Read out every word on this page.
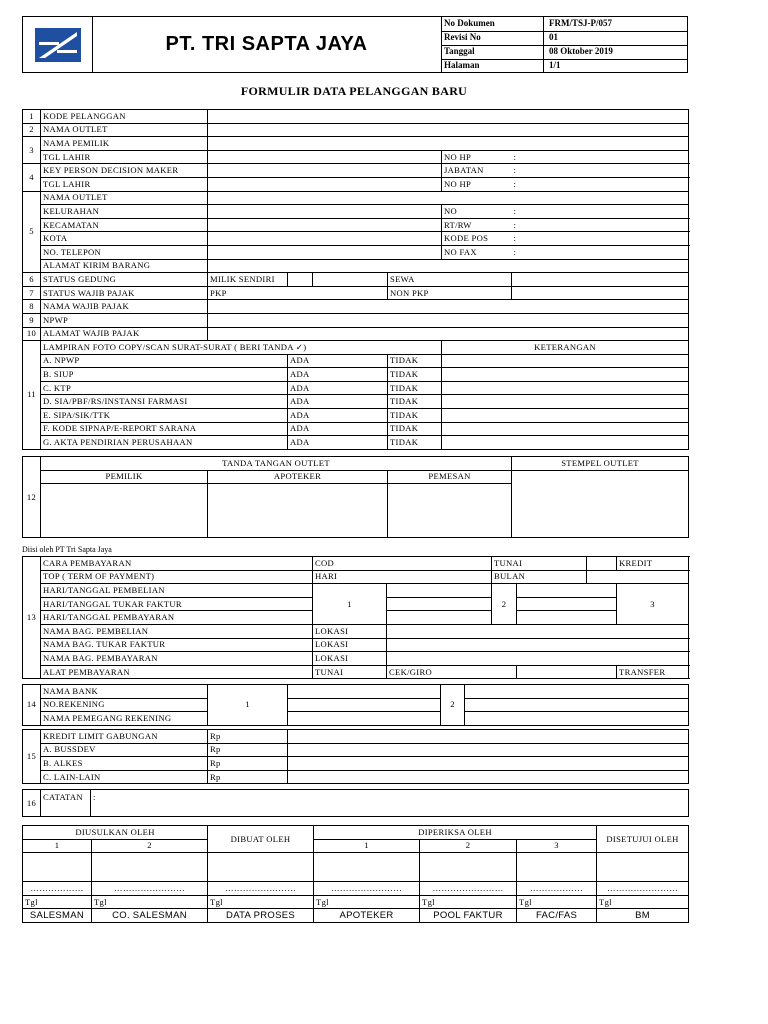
PT. TRI SAPTA JAYA
No Dokumen	FRM/TSJ-P/057
Revisi No	01
Tanggal	08 Oktober 2019
Halaman	1/1
FORMULIR DATA PELANGGAN BARU
1	KODE PELANGGAN						
2	NAMA OUTLET						
3	NAMA PEMILIK						
	TGL LAHIR					NO HP	:
4	KEY PERSON DECISION MAKER					JABATAN	:
	TGL LAHIR					NO HP	:
5	NAMA OUTLET						
	KELURAHAN					NO	:
	KECAMATAN					RT/RW	:
	KOTA					KODE POS	:
	NO. TELEPON					NO FAX	:
	ALAMAT KIRIM BARANG						
6	STATUS GEDUNG	MILIK SENDIRI			SEWA		
7	STATUS WAJIB PAJAK	PKP			NON PKP		
8	NAMA WAJIB PAJAK						
9	NPWP						
10	ALAMAT WAJIB PAJAK						
11	LAMPIRAN FOTO COPY/SCAN SURAT-SURAT ( BERI TANDA ✓)					KETERANGAN	
	A. NPWP		ADA		TIDAK		
	B. SIUP		ADA		TIDAK		
	C. KTP		ADA		TIDAK		
	D. SIA/PBF/RS/INSTANSI FARMASI		ADA		TIDAK		
	E. SIPA/SIK/TTK		ADA		TIDAK		
	F. KODE SIPNAP/E-REPORT SARANA		ADA		TIDAK		
	G. AKTA PENDIRIAN PERUSAHAAN		ADA		TIDAK		
12	TANDA TANGAN OUTLET			STEMPEL OUTLET
	PEMILIK	APOTEKER	PEMESAN	

Diisi oleh PT Tri Sapta Jaya
13	CARA PEMBAYARAN	COD		TUNAI			KREDIT	
	TOP ( TERM OF PAYMENT)	HARI		BULAN				
	HARI/TANGGAL PEMBELIAN	1		2			3	
	HARI/TANGGAL TUKAR FAKTUR							
	HARI/TANGGAL PEMBAYARAN							
	NAMA BAG. PEMBELIAN	LOKASI						
	NAMA BAG. TUKAR FAKTUR	LOKASI						
	NAMA BAG. PEMBAYARAN	LOKASI						
	ALAT PEMBAYARAN	TUNAI	CEK/GIRO				TRANSFER	
14	NAMA BANK	1		2	
	NO.REKENING				
	NAMA PEMEGANG REKENING				
15	KREDIT LIMIT GABUNGAN	Rp	
	A. BUSSDEV	Rp	
	B. ALKES	Rp	
	C. LAIN-LAIN	Rp	
16	CATATAN	:
DIUSULKAN OLEH		DIBUAT OLEH	DIPERIKSA OLEH			DISETUJUI OLEH
1	2		1	2	3	

………………	……………………	……………………	……………………	……………………	………………	……………………
Tgl	Tgl	Tgl	Tgl	Tgl	Tgl	Tgl
SALESMAN	CO. SALESMAN	DATA PROSES	APOTEKER	POOL FAKTUR	FAC/FAS	BM
